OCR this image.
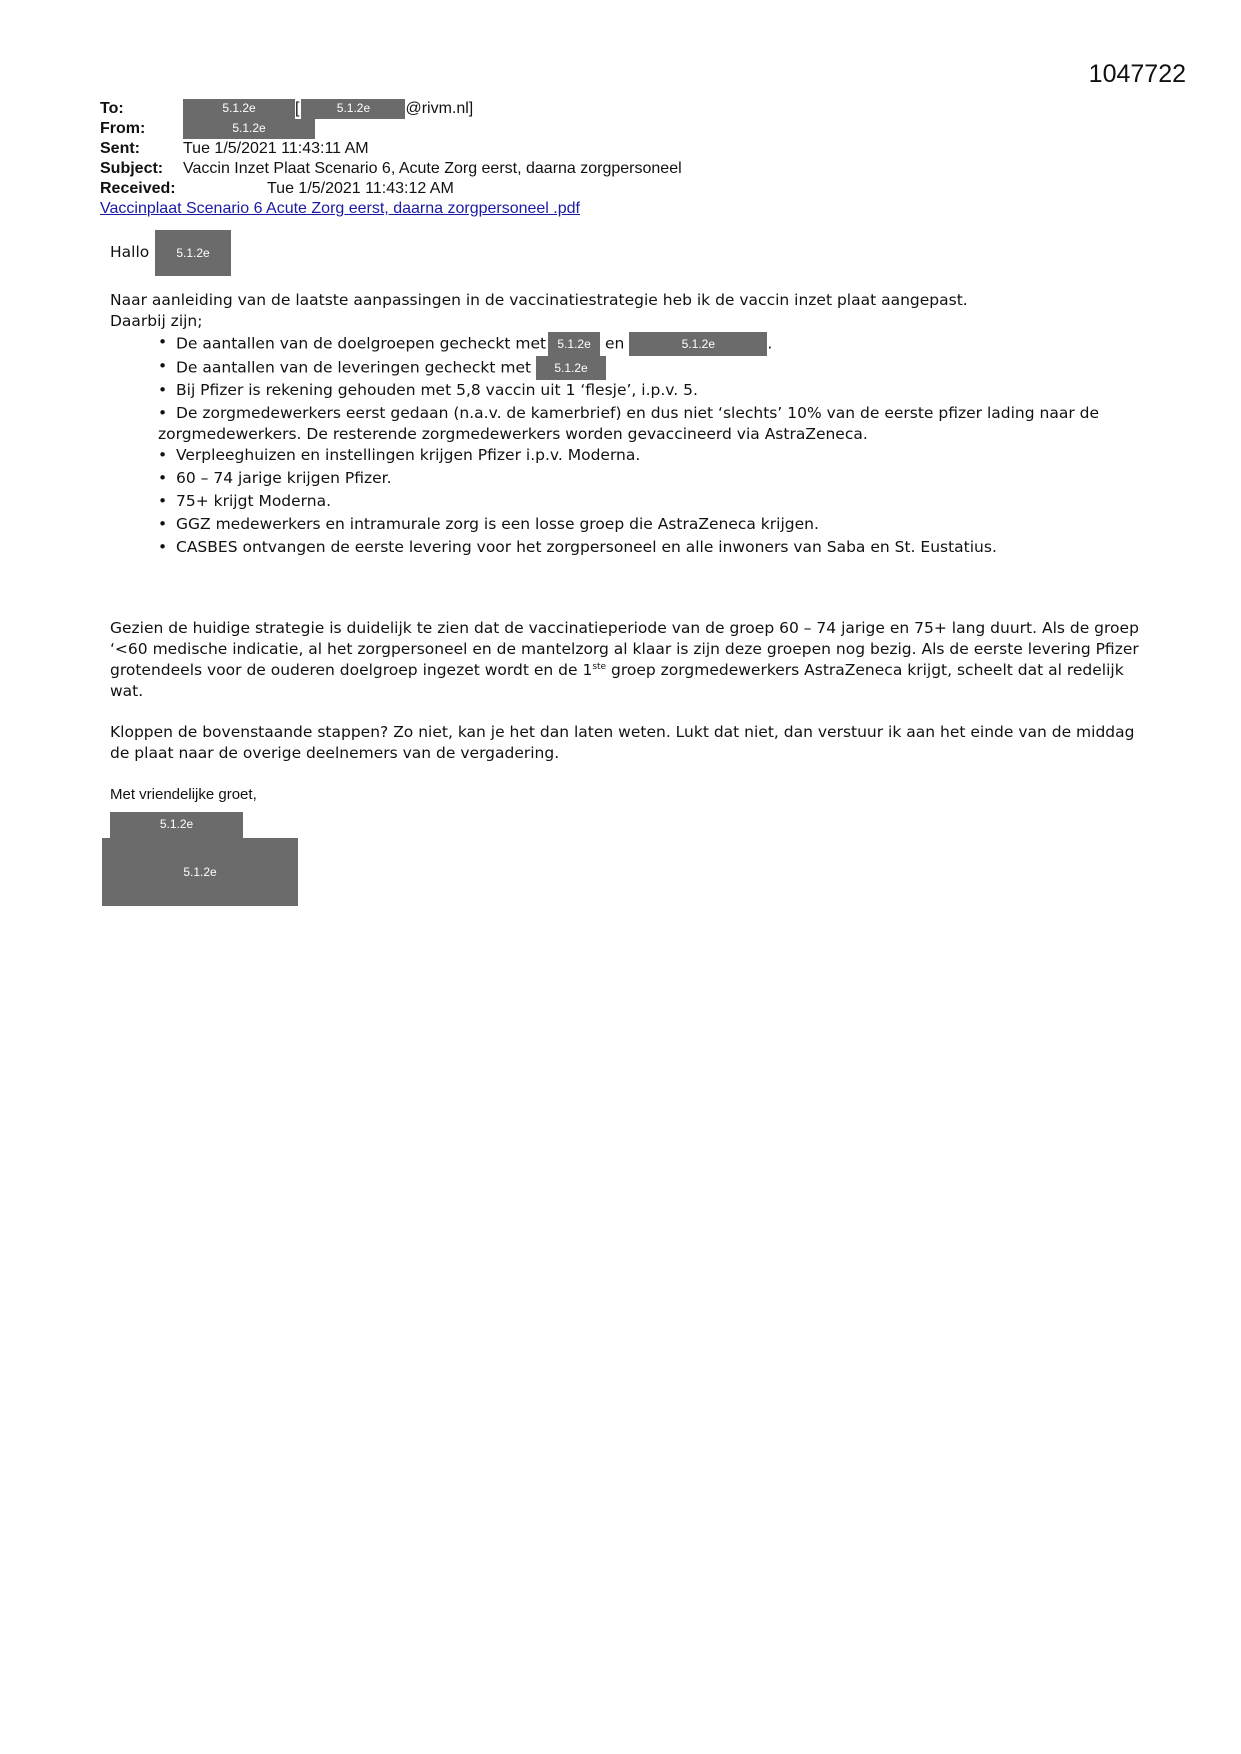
1047722
To:	5.1.2e [	5.1.2e @rivm.nl]
From:	5.1.2e
Sent:	Tue 1/5/2021 11:43:11 AM
Subject: Vaccin Inzet Plaat Scenario 6, Acute Zorg eerst, daarna zorgpersoneel
Received:	Tue 1/5/2021 11:43:12 AM
Vaccinplaat Scenario 6 Acute Zorg eerst, daarna zorgpersoneel .pdf
Hallo	5.1.2e

Naar aanleiding van de laatste aanpassingen in de vaccinatiestrategie heb ik de vaccin inzet plaat aangepast.

Daarbij zijn;

• De aantallen van de doelgroepen gecheckt met 5.1.2e en	5.1.2e	.
• De aantallen van de leveringen gecheckt met 5.1.2e
• Bij Pfizer is rekening gehouden met 5,8 vaccin uit 1 ‘flesje’, i.p.v. 5.
• De zorgmedewerkers eerst gedaan (n.a.v. de kamerbrief) en dus niet ‘slechts’ 10% van de eerste pfizer lading naar de zorgmedewerkers. De resterende zorgmedewerkers worden gevaccineerd via AstraZeneca.
• Verpleeghuizen en instellingen krijgen Pfizer i.p.v. Moderna.
• 60 – 74 jarige krijgen Pfizer.
• 75+ krijgt Moderna.
• GGZ medewerkers en intramurale zorg is een losse groep die AstraZeneca krijgen.
• CASBES ontvangen de eerste levering voor het zorgpersoneel en alle inwoners van Saba en St. Eustatius.

Gezien de huidige strategie is duidelijk te zien dat de vaccinatieperiode van de groep 60 – 74 jarige en 75+ lang duurt. Als de groep ‘<60 medische indicatie, al het zorgpersoneel en de mantelzorg al klaar is zijn deze groepen nog bezig. Als de eerste levering Pfizer grotendeels voor de ouderen doelgroep ingezet wordt en de 1ste groep zorgmedewerkers AstraZeneca krijgt, scheelt dat al redelijk wat.

Kloppen de bovenstaande stappen? Zo niet, kan je het dan laten weten. Lukt dat niet, dan verstuur ik aan het einde van de middag de plaat naar de overige deelnemers van de vergadering.

Met vriendelijke groet,

5.1.2e
5.1.2e
